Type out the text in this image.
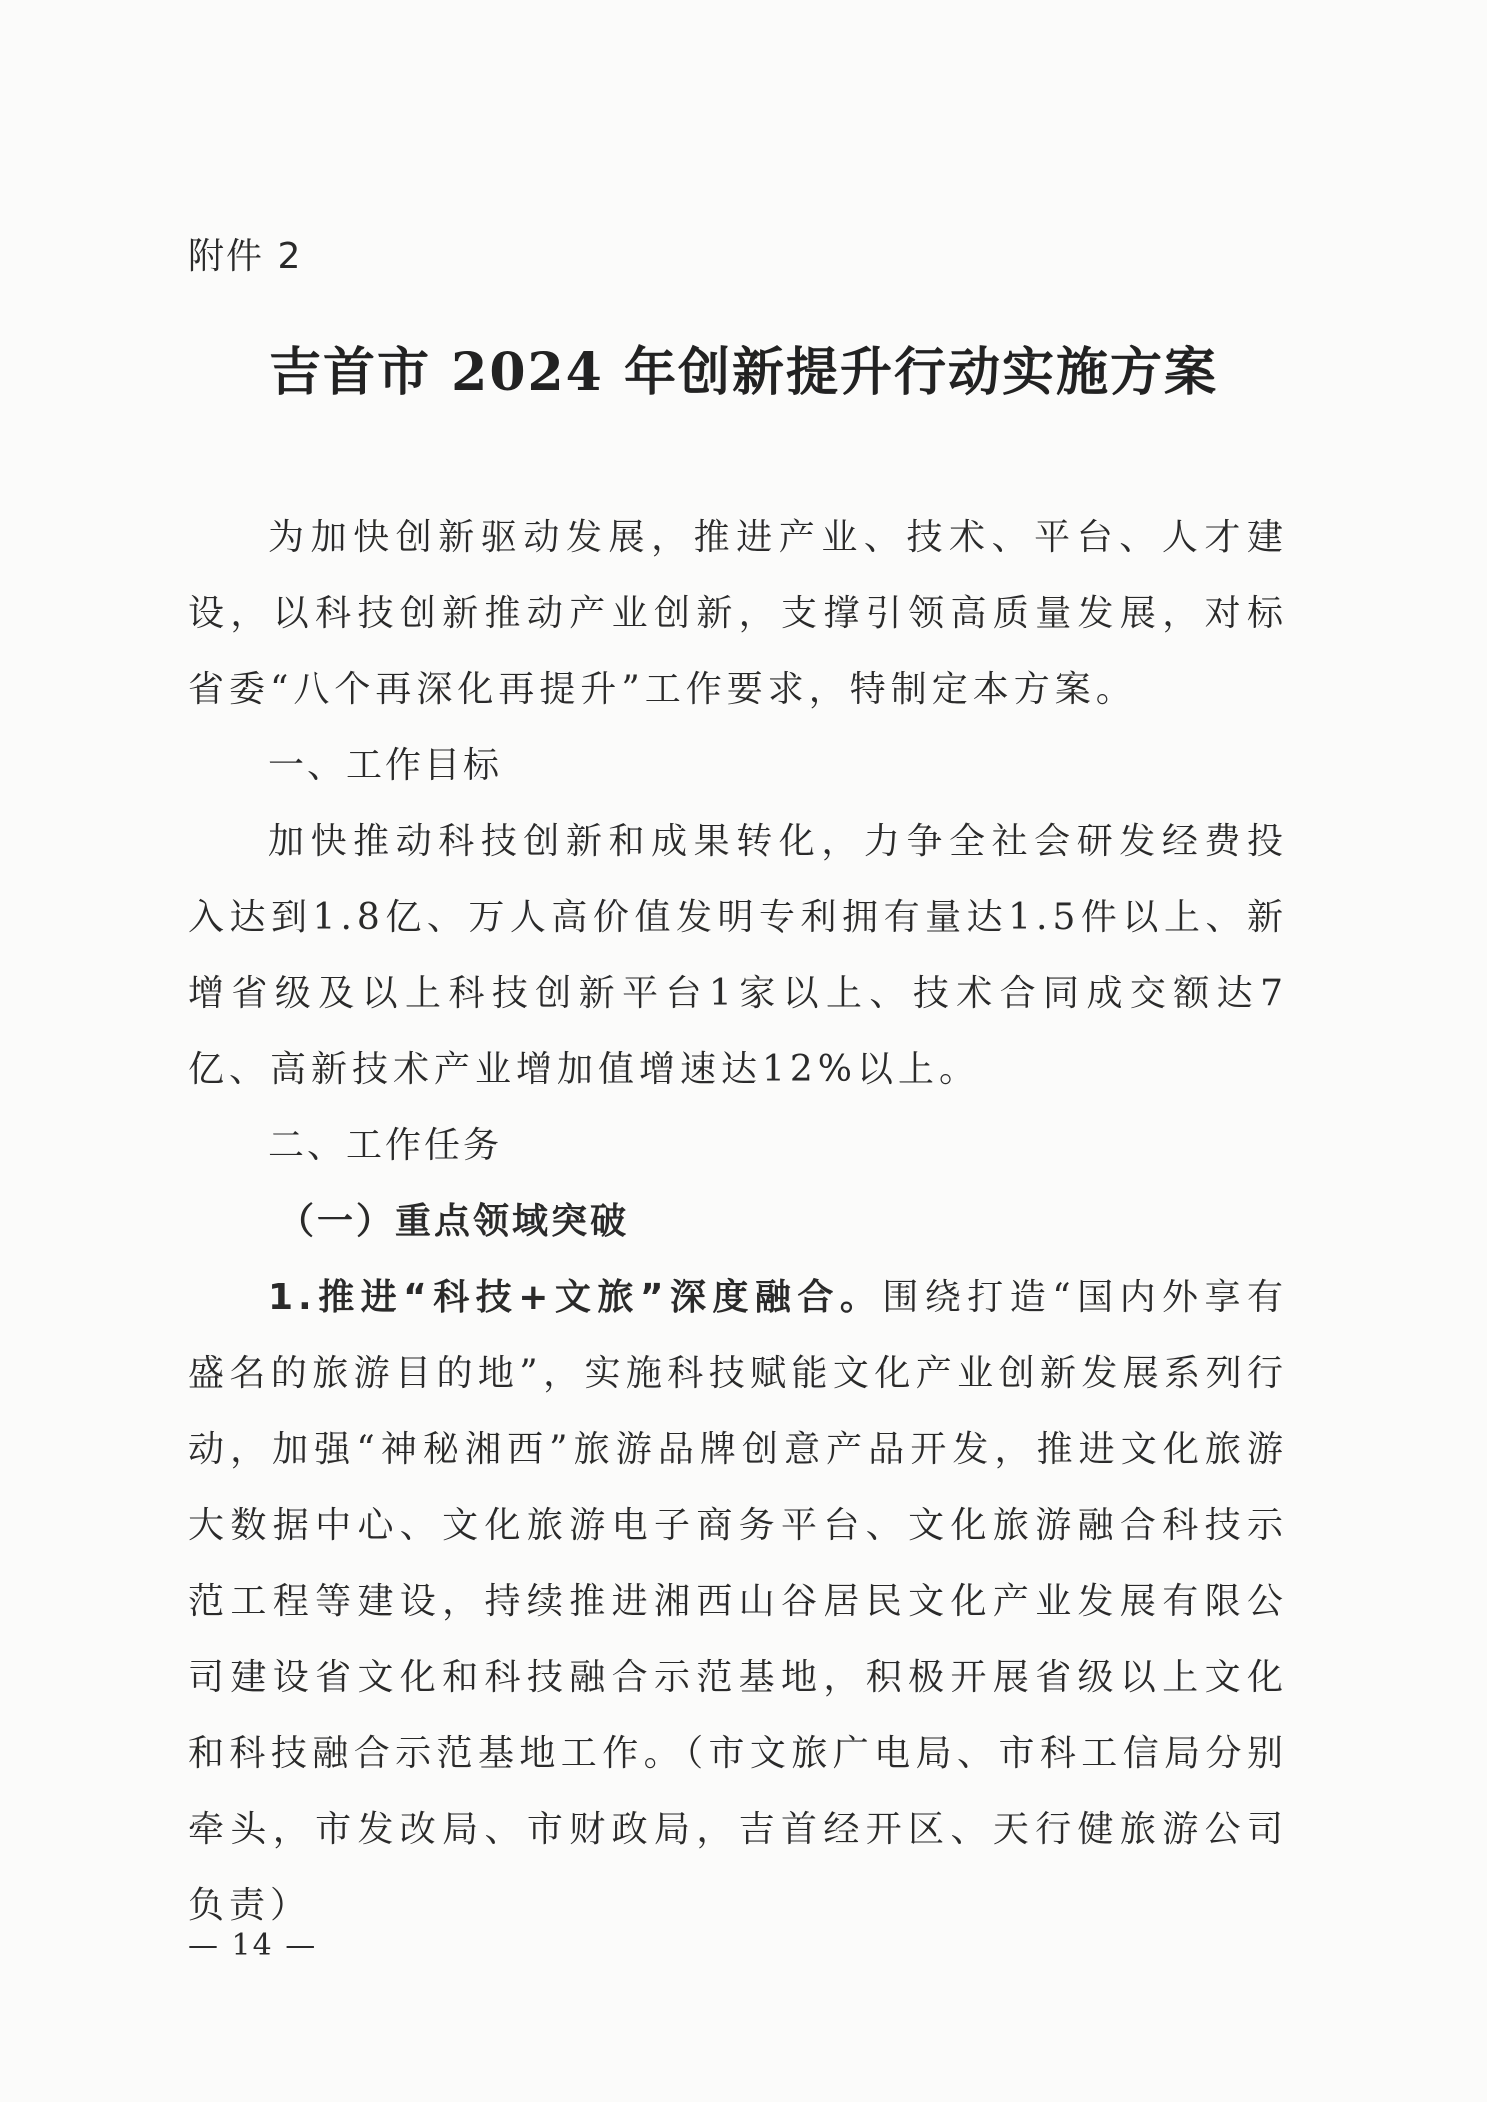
附件 2
吉首市 2024 年创新提升行动实施方案

为加快创新驱动发展，推进产业、技术、平台、人才建设，以科技创新推动产业创新，支撑引领高质量发展，对标省委“八个再深化再提升”工作要求，特制定本方案。

一、工作目标

加快推动科技创新和成果转化，力争全社会研发经费投入达到1.8亿、万人高价值发明专利拥有量达1.5件以上、新增省级及以上科技创新平台1家以上、技术合同成交额达7亿、高新技术产业增加值增速达12%以上。

二、工作任务
（一）重点领域突破

1.推进“科技+文旅”深度融合。围绕打造“国内外享有盛名的旅游目的地”，实施科技赋能文化产业创新发展系列行动，加强“神秘湘西”旅游品牌创意产品开发，推进文化旅游大数据中心、文化旅游电子商务平台、文化旅游融合科技示范工程等建设，持续推进湘西山谷居民文化产业发展有限公司建设省文化和科技融合示范基地，积极开展省级以上文化和科技融合示范基地工作。（市文旅广电局、市科工信局分别牵头，市发改局、市财政局，吉首经开区、天行健旅游公司负责）

— 14 —
